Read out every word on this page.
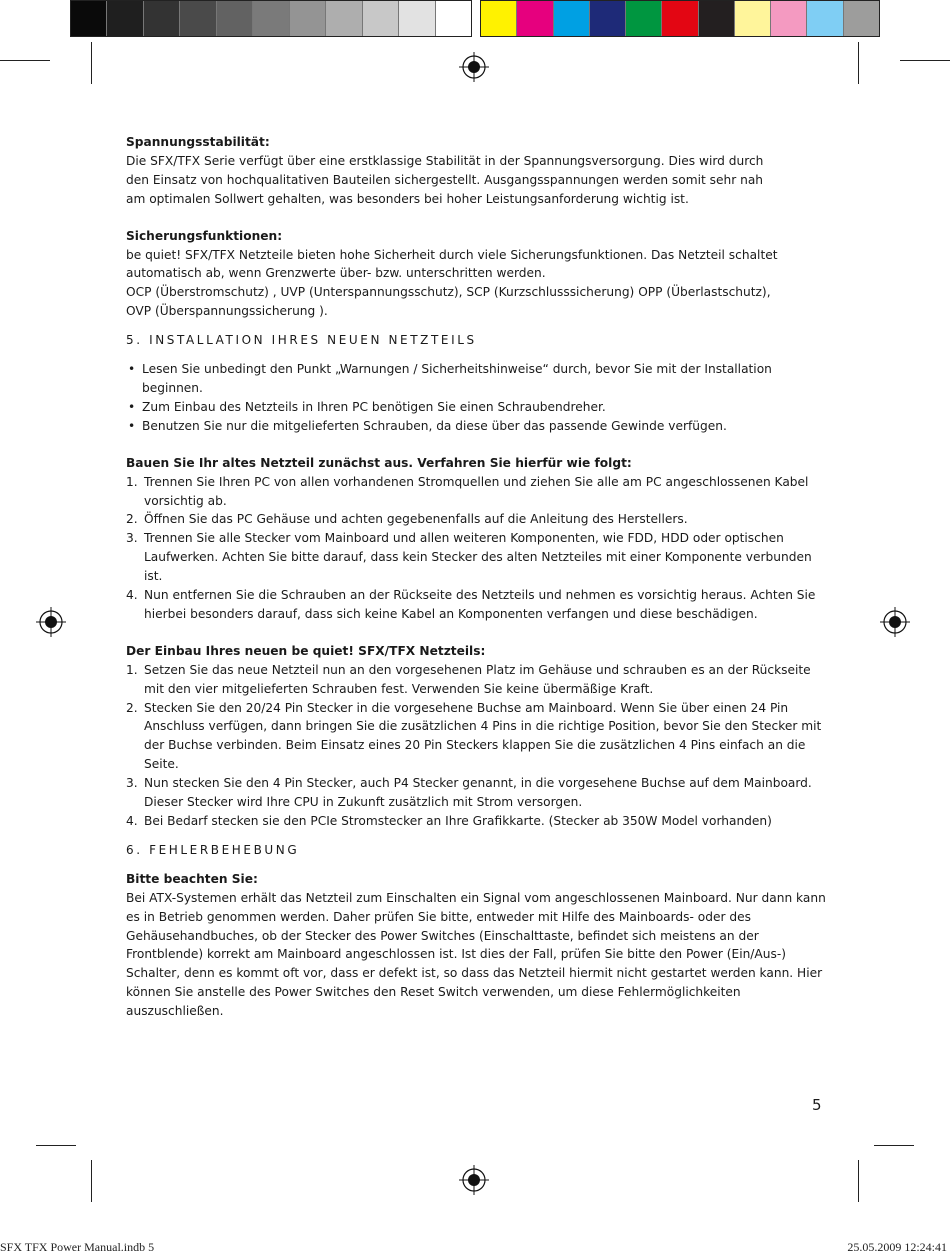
Spannungsstabilität:

Die SFX/TFX Serie verfügt über eine erstklassige Stabilität in der Spannungsversorgung. Dies wird durch

den Einsatz von hochqualitativen Bauteilen sichergestellt. Ausgangsspannungen werden somit sehr nah

am optimalen Sollwert gehalten, was besonders bei hoher Leistungsanforderung wichtig ist.

Sicherungsfunktionen:

be quiet! SFX/TFX Netzteile bieten hohe Sicherheit durch viele Sicherungsfunktionen. Das Netzteil schaltet

automatisch ab, wenn Grenzwerte über- bzw. unterschritten werden.

OCP (Überstromschutz) , UVP (Unterspannungsschutz), SCP (Kurzschlusssicherung) OPP (Überlastschutz),

OVP (Überspannungssicherung ).

5. INSTALLATION IHRES NEUEN NETZTEILS

• Lesen Sie unbedingt den Punkt „Warnungen / Sicherheitshinweise“ durch, bevor Sie mit der Installation beginnen.
• Zum Einbau des Netzteils in Ihren PC benötigen Sie einen Schraubendreher.
• Benutzen Sie nur die mitgelieferten Schrauben, da diese über das passende Gewinde verfügen.

Bauen Sie Ihr altes Netzteil zunächst aus. Verfahren Sie hierfür wie folgt:

1. Trennen Sie Ihren PC von allen vorhandenen Stromquellen und ziehen Sie alle am PC angeschlossenen Kabel vorsichtig ab.
2. Öffnen Sie das PC Gehäuse und achten gegebenenfalls auf die Anleitung des Herstellers.
3. Trennen Sie alle Stecker vom Mainboard und allen weiteren Komponenten, wie FDD, HDD oder optischen Laufwerken. Achten Sie bitte darauf, dass kein Stecker des alten Netzteiles mit einer Komponente verbunden ist.
4. Nun entfernen Sie die Schrauben an der Rückseite des Netzteils und nehmen es vorsichtig heraus. Achten Sie hierbei besonders darauf, dass sich keine Kabel an Komponenten verfangen und diese beschädigen.

Der Einbau Ihres neuen be quiet! SFX/TFX Netzteils:

1. Setzen Sie das neue Netzteil nun an den vorgesehenen Platz im Gehäuse und schrauben es an der Rückseite mit den vier mitgelieferten Schrauben fest. Verwenden Sie keine übermäßige Kraft.
2. Stecken Sie den 20/24 Pin Stecker in die vorgesehene Buchse am Mainboard. Wenn Sie über einen 24 Pin Anschluss verfügen, dann bringen Sie die zusätzlichen 4 Pins in die richtige Position, bevor Sie den Stecker mit der Buchse verbinden. Beim Einsatz eines 20 Pin Steckers klappen Sie die zusätzlichen 4 Pins einfach an die Seite.
3. Nun stecken Sie den 4 Pin Stecker, auch P4 Stecker genannt, in die vorgesehene Buchse auf dem Mainboard. Dieser Stecker wird Ihre CPU in Zukunft zusätzlich mit Strom versorgen.
4. Bei Bedarf stecken sie den PCIe Stromstecker an Ihre Grafikkarte. (Stecker ab 350W Model vorhanden)

6. FEHLERBEHEBUNG

Bitte beachten Sie:

Bei ATX-Systemen erhält das Netzteil zum Einschalten ein Signal vom angeschlossenen Mainboard. Nur dann kann es in Betrieb genommen werden. Daher prüfen Sie bitte, entweder mit Hilfe des Mainboards- oder des Gehäusehandbuches, ob der Stecker des Power Switches (Einschalttaste, befindet sich meistens an der Frontblende) korrekt am Mainboard angeschlossen ist. Ist dies der Fall, prüfen Sie bitte den Power (Ein/Aus-) Schalter, denn es kommt oft vor, dass er defekt ist, so dass das Netzteil hiermit nicht gestartet werden kann. Hier können Sie anstelle des Power Switches den Reset Switch verwenden, um diese Fehlermöglichkeiten auszuschließen.

5
SFX TFX Power Manual.indb 5	25.05.2009 12:24:41
